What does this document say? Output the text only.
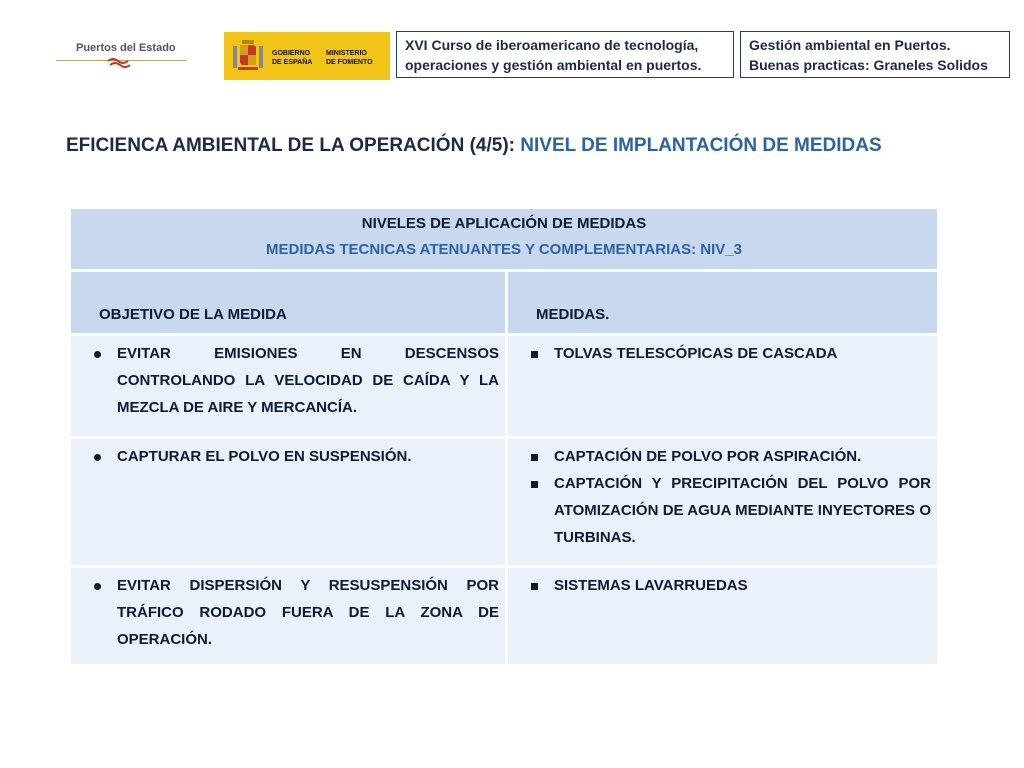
Puertos del Estado	GOBIERNO
DE ESPAÑA
MINISTERIO
DE FOMENTO
XVI Curso de iberoamericano de tecnología,
operaciones y gestión ambiental en puertos.
Gestión ambiental en Puertos.
Buenas practicas: Graneles Solidos
EFICIENCA AMBIENTAL DE LA OPERACIÓN (4/5): NIVEL DE IMPLANTACIÓN DE MEDIDAS
NIVELES DE APLICACIÓN DE MEDIDAS
MEDIDAS TECNICAS ATENUANTES Y COMPLEMENTARIAS: NIV_3	

OBJETIVO DE LA MEDIDA	MEDIDAS.

EVITAR EMISIONES EN DESCENSOS CONTROLANDO LA VELOCIDAD DE CAÍDA Y LA MEZCLA DE AIRE Y MERCANCÍA.	TOLVAS TELESCÓPICAS DE CASCADA

CAPTURAR EL POLVO EN SUSPENSIÓN.	CAPTACIÓN DE POLVO POR ASPIRACIÓN.
CAPTACIÓN Y PRECIPITACIÓN DEL POLVO POR ATOMIZACIÓN DE AGUA MEDIANTE INYECTORES O TURBINAS.

EVITAR DISPERSIÓN Y RESUSPENSIÓN POR TRÁFICO RODADO FUERA DE LA ZONA DE OPERACIÓN.	SISTEMAS LAVARRUEDAS
